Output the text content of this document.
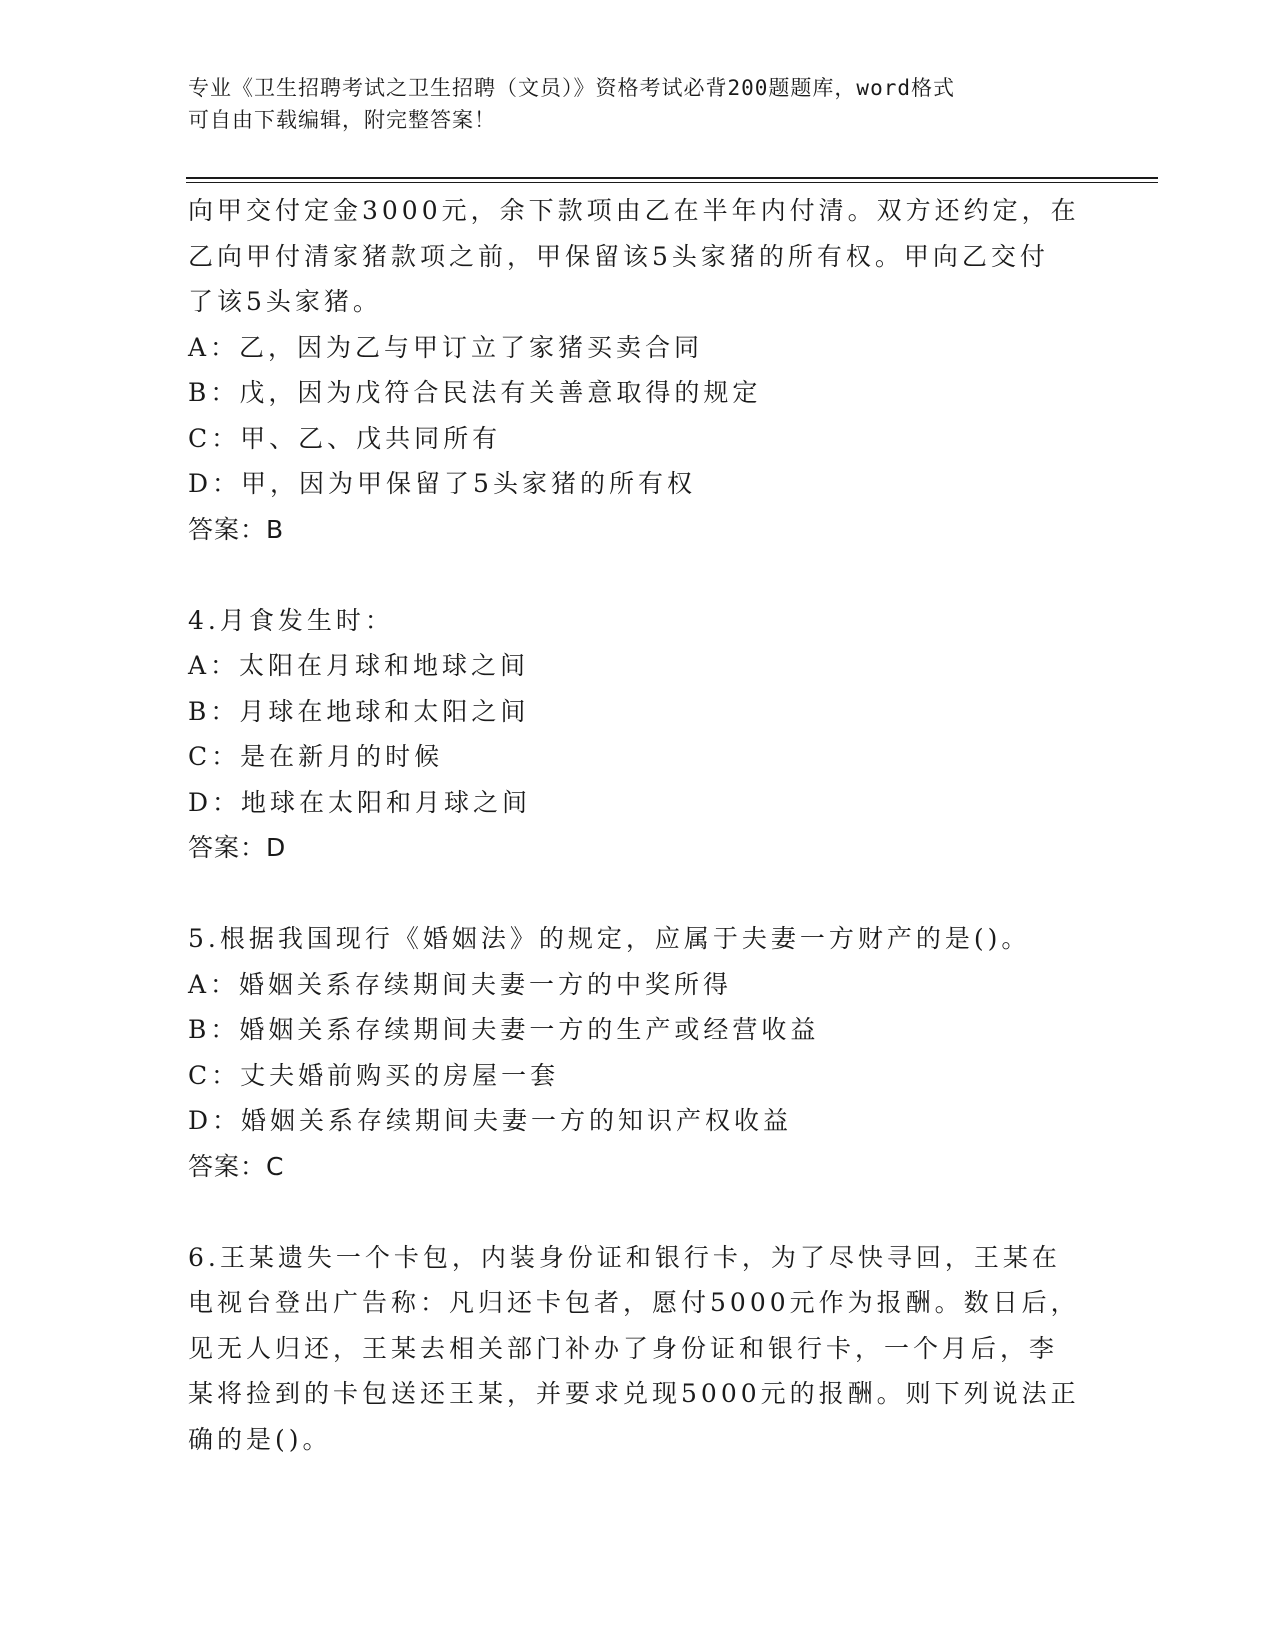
专业《卫生招聘考试之卫生招聘（文员）》资格考试必背200题题库，word格式
可自由下载编辑，附完整答案！
向甲交付定金3000元，余下款项由乙在半年内付清。双方还约定，在
乙向甲付清家猪款项之前，甲保留该5头家猪的所有权。甲向乙交付
了该5头家猪。
A：乙，因为乙与甲订立了家猪买卖合同
B：戊，因为戊符合民法有关善意取得的规定
C：甲、乙、戊共同所有
D：甲，因为甲保留了5头家猪的所有权
答案：B
4.月食发生时：
A：太阳在月球和地球之间
B：月球在地球和太阳之间
C：是在新月的时候
D：地球在太阳和月球之间
答案：D
5.根据我国现行《婚姻法》的规定，应属于夫妻一方财产的是()。
A：婚姻关系存续期间夫妻一方的中奖所得
B：婚姻关系存续期间夫妻一方的生产或经营收益
C：丈夫婚前购买的房屋一套
D：婚姻关系存续期间夫妻一方的知识产权收益
答案：C
6.王某遗失一个卡包，内装身份证和银行卡，为了尽快寻回，王某在
电视台登出广告称：凡归还卡包者，愿付5000元作为报酬。数日后，
见无人归还，王某去相关部门补办了身份证和银行卡，一个月后，李
某将捡到的卡包送还王某，并要求兑现5000元的报酬。则下列说法正
确的是()。
